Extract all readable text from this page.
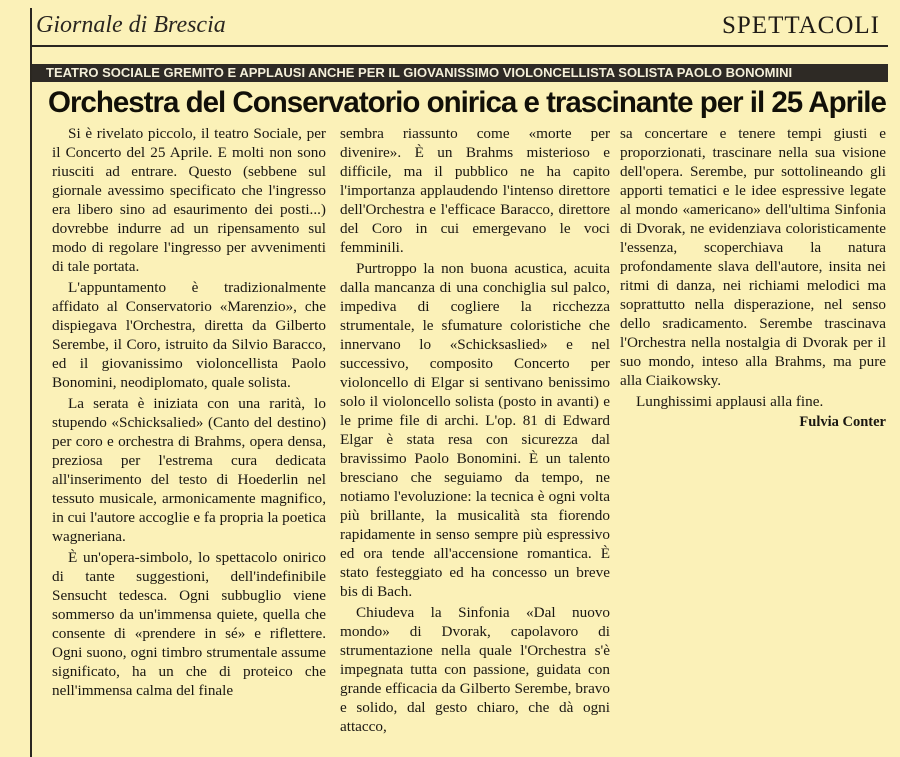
Giornale di Brescia	SPETTACOLI
TEATRO SOCIALE GREMITO E APPLAUSI ANCHE PER IL GIOVANISSIMO VIOLONCELLISTA SOLISTA PAOLO BONOMINI
Orchestra del Conservatorio onirica e trascinante per il 25 Aprile

Si è rivelato piccolo, il teatro Sociale, per il Concerto del 25 Aprile. E molti non sono riusciti ad entrare. Questo (sebbene sul giornale avessimo specificato che l'ingresso era libero sino ad esaurimento dei posti...) dovrebbe indurre ad un ripensamento sul modo di regolare l'ingresso per avvenimenti di tale portata.

L'appuntamento è tradizionalmente affidato al Conservatorio «Marenzio», che dispiegava l'Orchestra, diretta da Gilberto Serembe, il Coro, istruito da Silvio Baracco, ed il giovanissimo violoncellista Paolo Bonomini, neodiplomato, quale solista.

La serata è iniziata con una rarità, lo stupendo «Schicksalied» (Canto del destino) per coro e orchestra di Brahms, opera densa, preziosa per l'estrema cura dedicata all'inserimento del testo di Hoederlin nel tessuto musicale, armonicamente magnifico, in cui l'autore accoglie e fa propria la poetica wagneriana.

È un'opera-simbolo, lo spettacolo onirico di tante suggestioni, dell'indefinibile Sensucht tedesca. Ogni subbuglio viene sommerso da un'immensa quiete, quella che consente di «prendere in sé» e riflettere. Ogni suono, ogni timbro strumentale assume significato, ha un che di proteico che nell'immensa calma del finale

sembra riassunto come «morte per divenire». È un Brahms misterioso e difficile, ma il pubblico ne ha capito l'importanza applaudendo l'intenso direttore dell'Orchestra e l'efficace Baracco, direttore del Coro in cui emergevano le voci femminili.

Purtroppo la non buona acustica, acuita dalla mancanza di una conchiglia sul palco, impediva di cogliere la ricchezza strumentale, le sfumature coloristiche che innervano lo «Schicksaslied» e nel successivo, composito Concerto per violoncello di Elgar si sentivano benissimo solo il violoncello solista (posto in avanti) e le prime file di archi. L'op. 81 di Edward Elgar è stata resa con sicurezza dal bravissimo Paolo Bonomini. È un talento bresciano che seguiamo da tempo, ne notiamo l'evoluzione: la tecnica è ogni volta più brillante, la musicalità sta fiorendo rapidamente in senso sempre più espressivo ed ora tende all'accensione romantica. È stato festeggiato ed ha concesso un breve bis di Bach.

Chiudeva la Sinfonia «Dal nuovo mondo» di Dvorak, capolavoro di strumentazione nella quale l'Orchestra s'è impegnata tutta con passione, guidata con grande efficacia da Gilberto Serembe, bravo e solido, dal gesto chiaro, che dà ogni attacco,

sa concertare e tenere tempi giusti e proporzionati, trascinare nella sua visione dell'opera. Serembe, pur sottolineando gli apporti tematici e le idee espressive legate al mondo «americano» dell'ultima Sinfonia di Dvorak, ne evidenziava coloristicamente l'essenza, scoperchiava la natura profondamente slava dell'autore, insita nei ritmi di danza, nei richiami melodici ma soprattutto nella disperazione, nel senso dello sradicamento. Serembe trascinava l'Orchestra nella nostalgia di Dvorak per il suo mondo, inteso alla Brahms, ma pure alla Ciaikowsky.

Lunghissimi applausi alla fine.

Fulvia Conter
